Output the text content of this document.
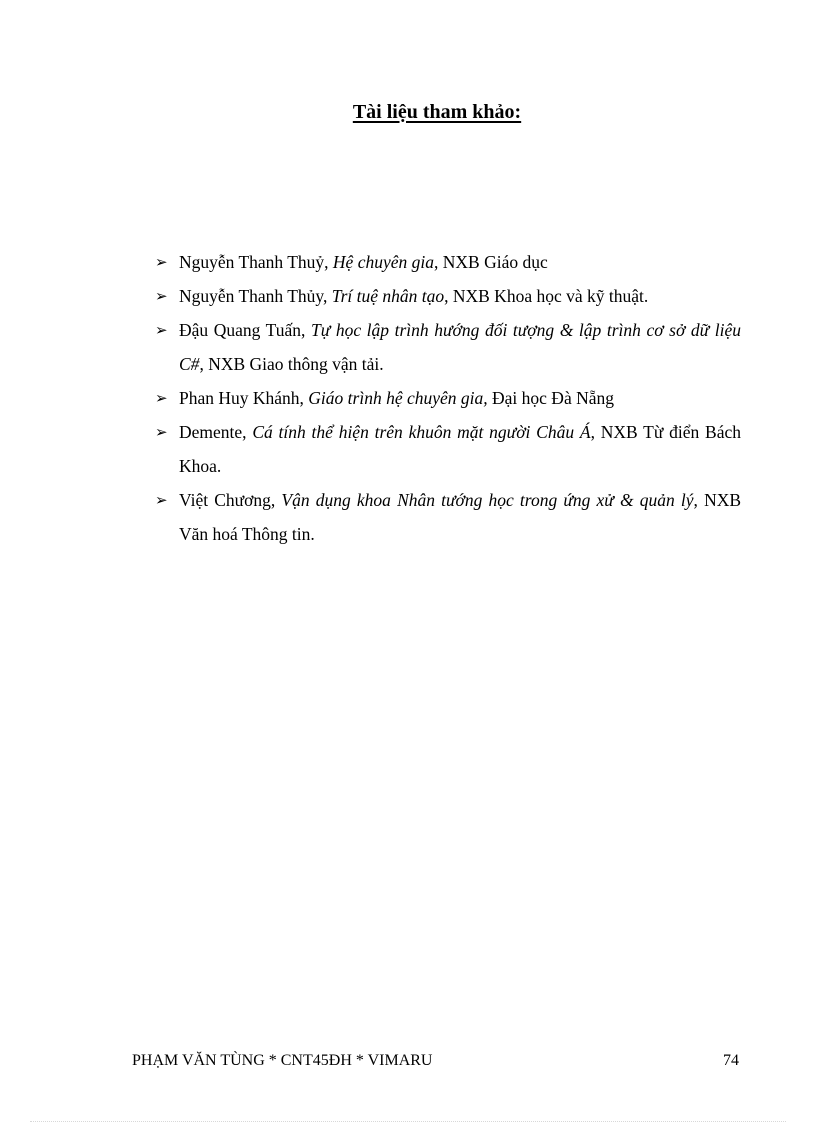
Tài liệu tham khảo:
➢ Nguyễn Thanh Thuỷ, Hệ chuyên gia, NXB Giáo dục
➢ Nguyễn Thanh Thủy, Trí tuệ nhân tạo, NXB Khoa học và kỹ thuật.
➢ Đậu Quang Tuấn, Tự học lập trình hướng đối tượng & lập trình cơ sở dữ liệu C#, NXB Giao thông vận tải.
➢ Phan Huy Khánh, Giáo trình hệ chuyên gia, Đại học Đà Nẵng
➢ Demente, Cá tính thể hiện trên khuôn mặt người Châu Á, NXB Từ điển Bách Khoa.
➢ Việt Chương, Vận dụng khoa Nhân tướng học trong ứng xử & quản lý, NXB Văn hoá Thông tin.
PHẠM VĂN TÙNG * CNT45ĐH * VIMARU	74
